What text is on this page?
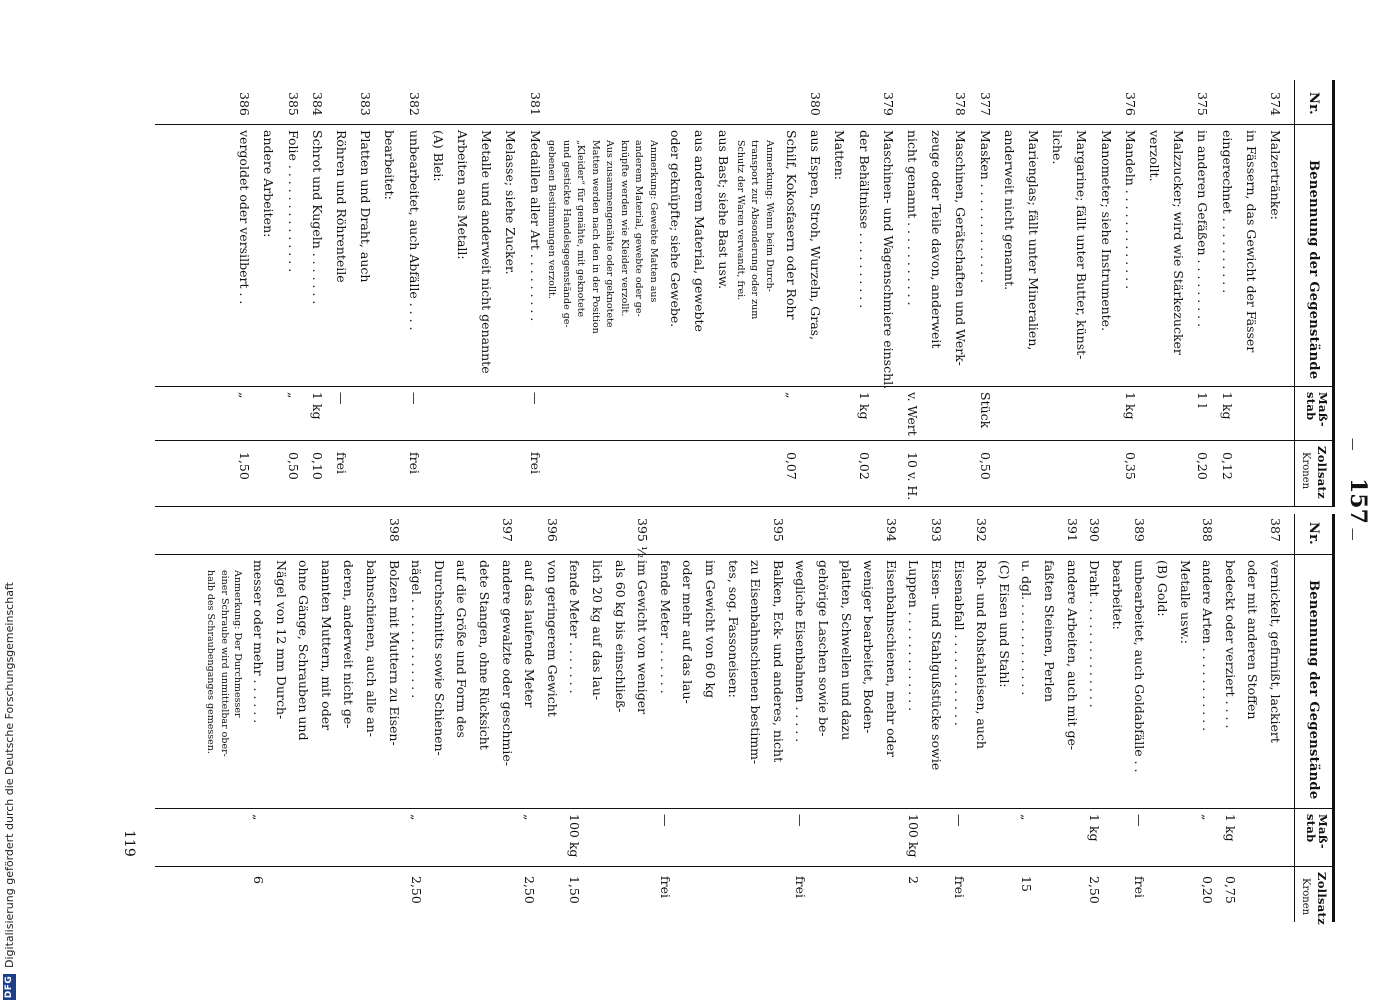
—
157
—
Nr.
Benennung der Gegenstände
Maß-
stab
Zollsatz
Kronen
Nr.
Benennung der Gegenstände
Maß-
stab
Zollsatz
Kronen
374
Malzertränke:
in Fässern, das Gewicht der Fässer
eingerechnet . . . . . . . . . .
1 kg
0,12
375
in anderen Gefäßen . . . . . . . . .
1 l
0,20
Malzzucker; wird wie Stärkezucker
verzollt.
376
Mandeln . . . . . . . . . . . . .
1 kg
0,35
Manometer; siehe Instrumente.
Margarine; fällt unter Butter, künst-
liche.
Marienglas; fällt unter Mineralien,
anderweit nicht genannt.
377
Masken . . . . . . . . . . . . .
Stück
0,50
378
Maschinen, Gerätschaften und Werk-
zeuge oder Teile davon, anderweit
nicht genannt . . . . . . . . . . .
v. Wert
10 v. H.
379
Maschinen- und Wagenschmiere einschl.
der Behältnisse . . . . . . . . . .
1 kg
0,02
Matten:
380
aus Espen, Stroh, Wurzeln, Gras,
Schilf, Kokosfasern oder Rohr
„
0,07
Anmerkung: Wenn beim Durch-
transport zur Absonderung oder zum
Schutz der Waren verwandt, frei.
aus Bast; siehe Bast usw.
aus anderem Material, gewebte
oder geknüpfte; siehe Gewebe.
Anmerkung: Gewebte Matten aus
anderem Material, gewebte oder ge-
knüpfte werden wie Kleider verzollt.
Aus zusammengenähte oder geknotete
Matten werden nach den in der Position
„Kleider“ für genähte, mit geknotete
und gestickte Handelsgegenstände ge-
gebenen Bestimmungen verzollt.
381
Medaillen aller Art . . . . . . . . .
—
frei
Melasse; siehe Zucker.
Metalle und anderweit nicht genannte
Arbeiten aus Metall:
(A) Blei:
382
unbearbeitet, auch Abfälle . . . .
—
frei
bearbeitet:
383
Platten und Draht, auch
Röhren und Röhrenteile
—
frei
384
Schrot und Kugeln . . . . . . .
1 kg
0,10
385
Folie . . . . . . . . . . . . . .
„
0,50
andere Arbeiten:
386
vergoldet oder versilbert . .
„
1,50
387
vernickelt, gefirnißt, lackiert
oder mit anderen Stoffen
bedeckt oder verziert . . . .
1 kg
0,75
388
andere Arten . . . . . . . . . . .
„
0,20
Metalle usw.:
(B) Gold:
389
unbearbeitet, auch Goldabfälle . .
—
frei
bearbeitet:
390
Draht . . . . . . . . . . . . . .
1 kg
2,50
391
andere Arbeiten, auch mit ge-
faßten Steinen, Perlen
u. dgl. . . . . . . . . . . . .
„
15
(C) Eisen und Stahl:
392
Roh- und Rohstahleisen, auch
Eisenabfall . . . . . . . . . . . .
—
frei
393
Eisen- und Stahlgußstücke sowie
Luppen . . . . . . . . . . . . .
100 kg
2
394
Eisenbahnschienen, mehr oder
weniger bearbeitet, Boden-
platten, Schwellen und dazu
gehörige Laschen sowie be-
wegliche Eisenbahnen . . . . .
—
frei
395
Balken, Eck- und anderes, nicht
zu Eisenbahnschienen bestimm-
tes, sog. Fassoneisen:
im Gewicht von 60 kg
oder mehr auf das lau-
fende Meter . . . . . . .
—
frei
395 ½
im Gewicht von weniger
als 60 kg bis einschließ-
lich 20 kg auf das lau-
fende Meter . . . . . . .
100 kg
1,50
396
von geringerem Gewicht
auf das laufende Meter
„
2,50
397
andere gewalzte oder geschmie-
dete Stangen, ohne Rücksicht
auf die Größe und Form des
Durchschnitts sowie Schienen-
nägel . . . . . . . . . . . . .
„
2,50
398
Bolzen mit Muttern zu Eisen-
bahnschienen, auch alle an-
deren, anderweit nicht ge-
nannten Muttern, mit oder
ohne Gänge, Schrauben und
Nägel von 12 mm Durch-
messer oder mehr . . . . . .
„
6
Anmerkung: Der Durchmesser
einer Schraube wird unmittelbar ober-
halb des Schraubenganges gemessen.
119
DFG
Digitalisierung gefördert durch die Deutsche Forschungsgemeinschaft
